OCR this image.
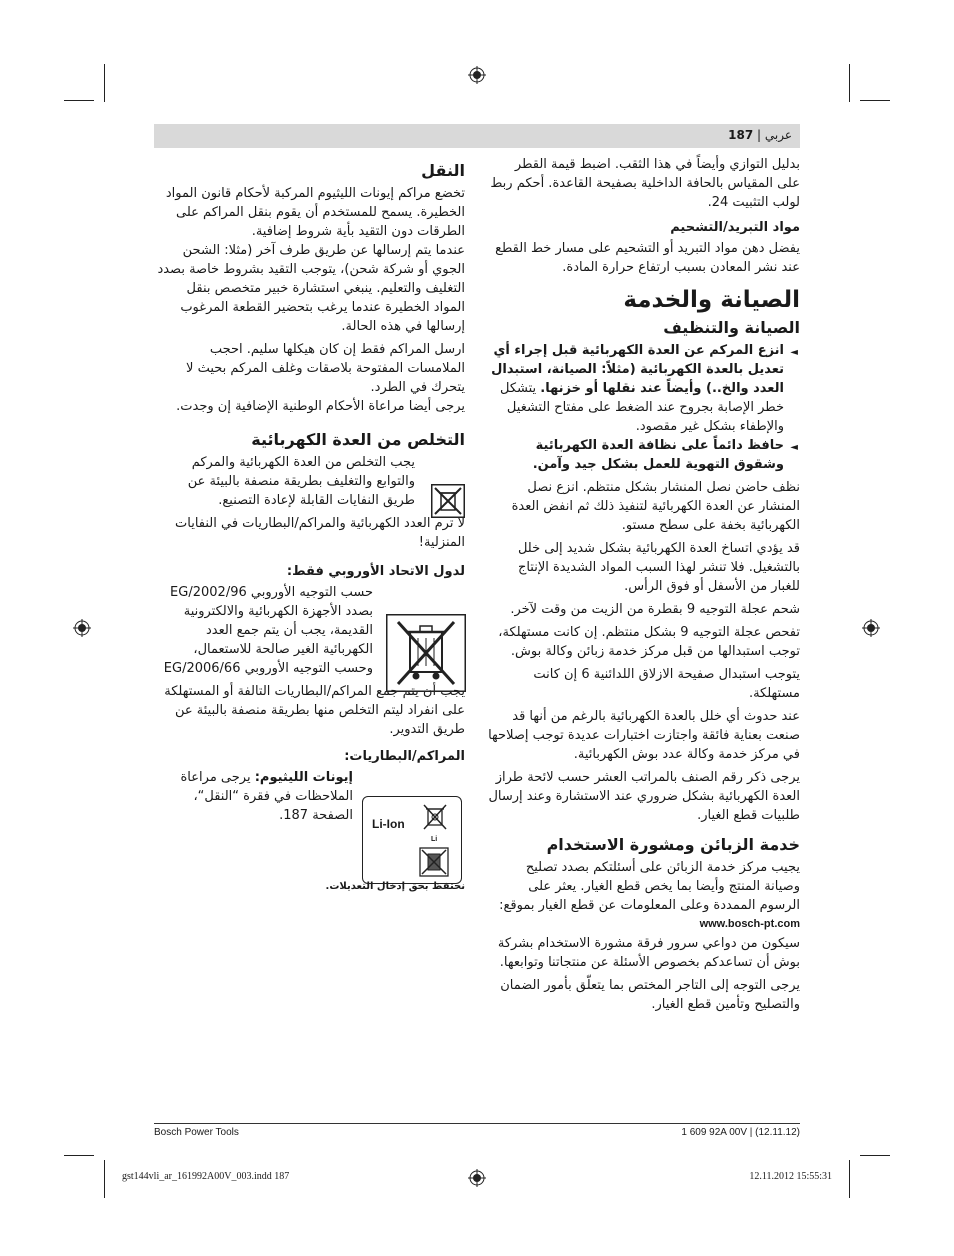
عربي | 187

بدليل التوازي وأيضاً في هذا الثقب. اضبط قيمة القطر على المقياس بالحافة الداخلية بصفيحة القاعدة. أحكم ربط لولب التثبيت 24.

مواد التبريد/التشحيم

يفضل دهن مواد التبريد أو التشحيم على مسار خط القطع عند نشر المعادن بسبب ارتفاع حرارة المادة.

الصيانة والخدمة
الصيانة والتنظيف
◄
انزع المركم عن العدة الكهربائية قبل إجراء أي تعديل بالعدة الكهربائية (مثلاً: الصيانة، استبدال العدد والخ..) وأيضاً عند نقلها أو خزنها. يتشكل خطر الإصابة بجروح عند الضغط على مفتاح التشغيل والإطفاء بشكل غير مقصود.
◄
حافظ دائماً على نظافة العدة الكهربائية وشقوق التهوية للعمل بشكل جيد وآمن.

نظف حاضن نصل المنشار بشكل منتظم. انزع نصل المنشار عن العدة الكهربائية لتنفيذ ذلك ثم انفض العدة الكهربائية بخفة على سطح مستو.

قد يؤدي اتساخ العدة الكهربائية بشكل شديد إلى خلل بالتشغيل. فلا تنشر لهذا السبب المواد الشديدة الإنتاج للغبار من الأسفل أو فوق الرأس.

شحم عجلة التوجيه 9 بقطرة من الزيت من وقت لآخر.

تفحص عجلة التوجيه 9 بشكل منتظم. إن كانت مستهلكة، توجب استبدالها من قبل مركز خدمة زبائن وكالة بوش.

يتوجب استبدال صفيحة الازلاق اللدائنية 6 إن كانت مستهلكة.

عند حدوث أي خلل بالعدة الكهربائية بالرغم من أنها قد صنعت بعناية فائقة واجتازت اختبارات عديدة توجب إصلاحها في مركز خدمة وكالة عدد بوش الكهربائية.

يرجى ذكر رقم الصنف بالمراتب العشر حسب لائحة طراز العدة الكهربائية بشكل ضروري عند الاستشارة وعند إرسال طلبيات قطع الغيار.

خدمة الزبائن ومشورة الاستخدام

يجيب مركز خدمة الزبائن على أسئلتكم بصدد تصليح وصيانة المنتج وأيضا بما يخص قطع الغيار. يعثر على الرسوم الممددة وعلى المعلومات عن قطع الغيار بموقع:

www.bosch-pt.com

سيكون من دواعي سرور فرقة مشورة الاستخدام بشركة بوش أن تساعدكم بخصوص الأسئلة عن منتجاتنا وتوابعها.

يرجى التوجه إلى التاجر المختص بما يتعلّق بأمور الضمان والتصليح وتأمين قطع الغيار.

النقل

تخضع مراكم إيونات الليثيوم المركبة لأحكام قانون المواد الخطيرة. يسمح للمستخدم أن يقوم بنقل المراكم على الطرقات دون التقيد بأية شروط إضافية.

عندما يتم إرسالها عن طريق طرف آخر (مثلا: الشحن الجوي أو شركة شحن)، يتوجب التقيد بشروط خاصة بصدد التغليف والتعليم. ينبغي استشارة خبير متخصص بنقل المواد الخطيرة عندما يرغب بتحضير القطعة المرغوب إرسالها في هذه الحالة.

ارسل المراكم فقط إن كان هيكلها سليم. احجب الملامسات المفتوحة بلاصقات وغلف المركم بحيث لا يتحرك في الطرد.

يرجى أيضا مراعاة الأحكام الوطنية الإضافية إن وجدت.

التخلص من العدة الكهربائية

يجب التخلص من العدة الكهربائية والمركم والتوابع والتغليف بطريقة منصفة بالبيئة عن طريق النفايات القابلة لإعادة التصنيع.

لا ترم العدد الكهربائية والمراكم/البطاريات في النفايات المنزلية!

لدول الاتحاد الأوروبي فقط:

حسب التوجيه الأوروبي 2002/96/EG بصدد الأجهزة الكهربائية والالكترونية القديمة، يجب أن يتم جمع العدد الكهربائية الغير صالحة للاستعمال، وحسب التوجيه الأوروبي 2006/66/EG

يجب أن يتم جمع المراكم/البطاريات التالفة أو المستهلكة على انفراد ليتم التخلص منها بطريقة منصفة بالبيئة عن طريق التدوير.

المراكم/البطاريات:

إيونات الليثيوم: يرجى مراعاة الملاحظات في فقرة “النقل“، الصفحة 187.

نحتفظ بحق إدخال التعديلات.
Li-Ion
Li
Bosch Power Tools	1 609 92A 00V | (12.11.12)
gst144vli_ar_161992A00V_003.indd 187	12.11.2012 15:55:31
